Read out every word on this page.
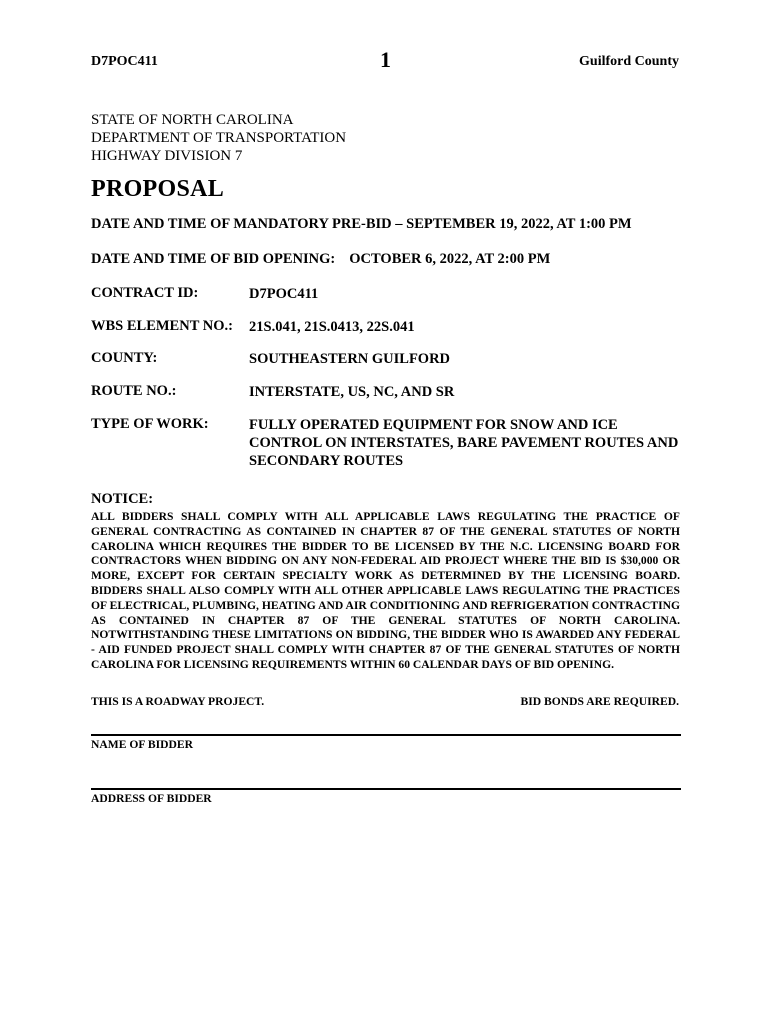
D7POC411	1	Guilford County
STATE OF NORTH CAROLINA
DEPARTMENT OF TRANSPORTATION
HIGHWAY DIVISION 7
PROPOSAL
DATE AND TIME OF MANDATORY PRE-BID – SEPTEMBER 19, 2022, AT 1:00 PM
DATE AND TIME OF BID OPENING: OCTOBER 6, 2022, AT 2:00 PM
CONTRACT ID:	D7POC411
WBS ELEMENT NO.: 21S.041, 21S.0413, 22S.041
COUNTY:	SOUTHEASTERN GUILFORD
ROUTE NO.:	INTERSTATE, US, NC, AND SR
TYPE OF WORK:	FULLY OPERATED EQUIPMENT FOR SNOW AND ICE CONTROL ON INTERSTATES, BARE PAVEMENT ROUTES AND SECONDARY ROUTES
NOTICE:
ALL BIDDERS SHALL COMPLY WITH ALL APPLICABLE LAWS REGULATING THE PRACTICE OF GENERAL CONTRACTING AS CONTAINED IN CHAPTER 87 OF THE GENERAL STATUTES OF NORTH CAROLINA WHICH REQUIRES THE BIDDER TO BE LICENSED BY THE N.C. LICENSING BOARD FOR CONTRACTORS WHEN BIDDING ON ANY NON-FEDERAL AID PROJECT WHERE THE BID IS $30,000 OR MORE, EXCEPT FOR CERTAIN SPECIALTY WORK AS DETERMINED BY THE LICENSING BOARD. BIDDERS SHALL ALSO COMPLY WITH ALL OTHER APPLICABLE LAWS REGULATING THE PRACTICES OF ELECTRICAL, PLUMBING, HEATING AND AIR CONDITIONING AND REFRIGERATION CONTRACTING AS CONTAINED IN CHAPTER 87 OF THE GENERAL STATUTES OF NORTH CAROLINA. NOTWITHSTANDING THESE LIMITATIONS ON BIDDING, THE BIDDER WHO IS AWARDED ANY FEDERAL - AID FUNDED PROJECT SHALL COMPLY WITH CHAPTER 87 OF THE GENERAL STATUTES OF NORTH CAROLINA FOR LICENSING REQUIREMENTS WITHIN 60 CALENDAR DAYS OF BID OPENING.
THIS IS A ROADWAY PROJECT.	BID BONDS ARE REQUIRED.
NAME OF BIDDER
ADDRESS OF BIDDER
